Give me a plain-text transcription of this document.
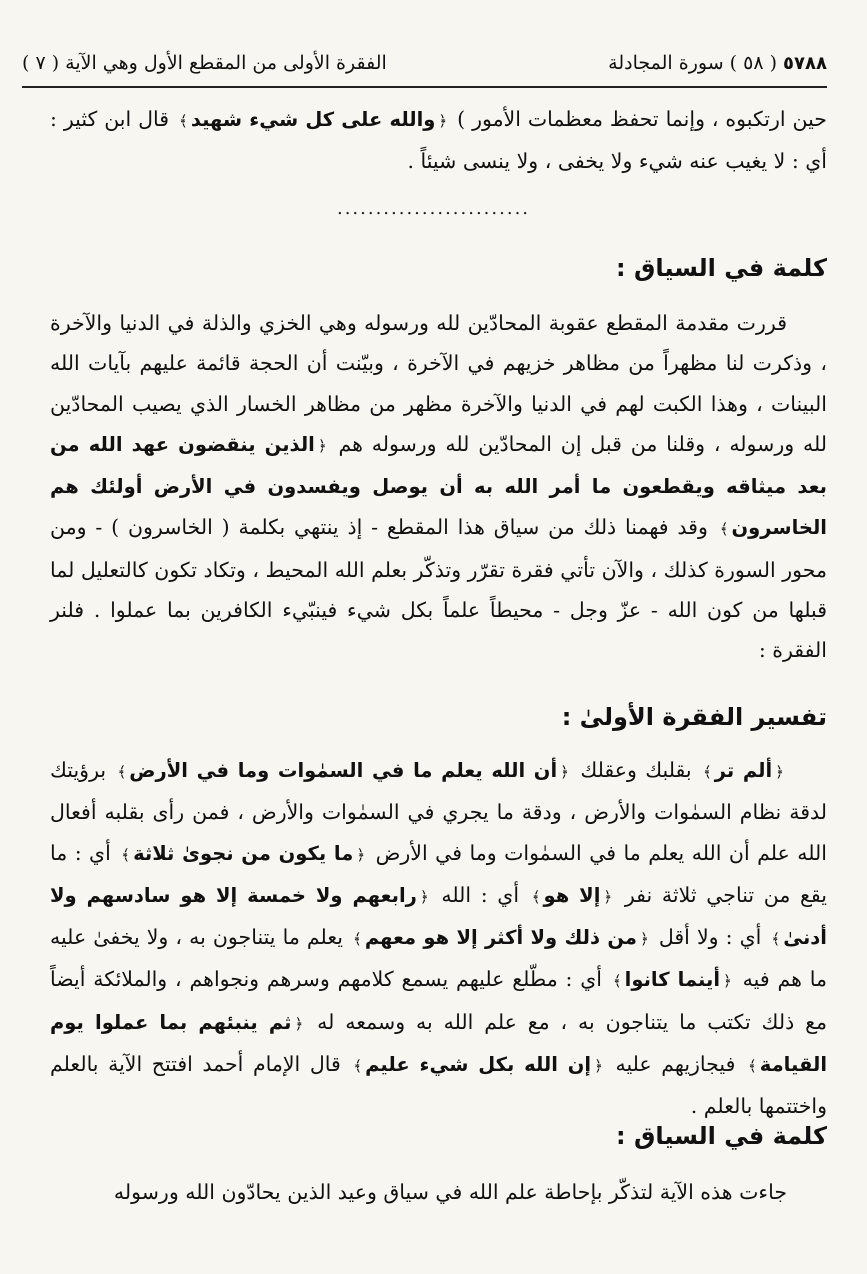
٥٧٨٨ ( ٥٨ ) سورة المجادلة
الفقرة الأولى من المقطع الأول وهي الآية ( ٧ )
حين ارتكبوه ، وإنما تحفظ معظمات الأمور ) ﴿والله على كل شيء شهيد﴾ قال ابن كثير : أي : لا يغيب عنه شيء ولا يخفى ، ولا ينسى شيئاً .
.........................
كلمة في السياق :
قررت مقدمة المقطع عقوبة المحادّين لله ورسوله وهي الخزي والذلة في الدنيا والآخرة ، وذكرت لنا مظهراً من مظاهر خزيهم في الآخرة ، وبيّنت أن الحجة قائمة عليهم بآيات الله البينات ، وهذا الكبت لهم في الدنيا والآخرة مظهر من مظاهر الخسار الذي يصيب المحادّين لله ورسوله ، وقلنا من قبل إن المحادّين لله ورسوله هم ﴿الذين ينقضون عهد الله من بعد ميثاقه ويقطعون ما أمر الله به أن يوصل ويفسدون في الأرض أولئك هم الخاسرون﴾ وقد فهمنا ذلك من سياق هذا المقطع - إذ ينتهي بكلمة ( الخاسرون ) - ومن محور السورة كذلك ، والآن تأتي فقرة تقرّر وتذكّر بعلم الله المحيط ، وتكاد تكون كالتعليل لما قبلها من كون الله - عزّ وجل - محيطاً علماً بكل شيء فينبّيء الكافرين بما عملوا . فلنر الفقرة :
تفسير الفقرة الأولىٰ :
﴿ألم تر﴾ بقلبك وعقلك ﴿أن الله يعلم ما في السمٰوات وما في الأرض﴾ برؤيتك لدقة نظام السمٰوات والأرض ، ودقة ما يجري في السمٰوات والأرض ، فمن رأى بقلبه أفعال الله علم أن الله يعلم ما في السمٰوات وما في الأرض ﴿ما يكون من نجوىٰ ثلاثة﴾ أي : ما يقع من تناجي ثلاثة نفر ﴿إلا هو﴾ أي : الله ﴿رابعهم ولا خمسة إلا هو سادسهم ولا أدنىٰ﴾ أي : ولا أقل ﴿من ذلك ولا أكثر إلا هو معهم﴾ يعلم ما يتناجون به ، ولا يخفىٰ عليه ما هم فيه ﴿أينما كانوا﴾ أي : مطّلع عليهم يسمع كلامهم وسرهم ونجواهم ، والملائكة أيضاً مع ذلك تكتب ما يتناجون به ، مع علم الله به وسمعه له ﴿ثم ينبئهم بما عملوا يوم القيامة﴾ فيجازيهم عليه ﴿إن الله بكل شيء عليم﴾ قال الإمام أحمد افتتح الآية بالعلم واختتمها بالعلم .
كلمة في السياق :
جاءت هذه الآية لتذكّر بإحاطة علم الله في سياق وعيد الذين يحادّون الله ورسوله
